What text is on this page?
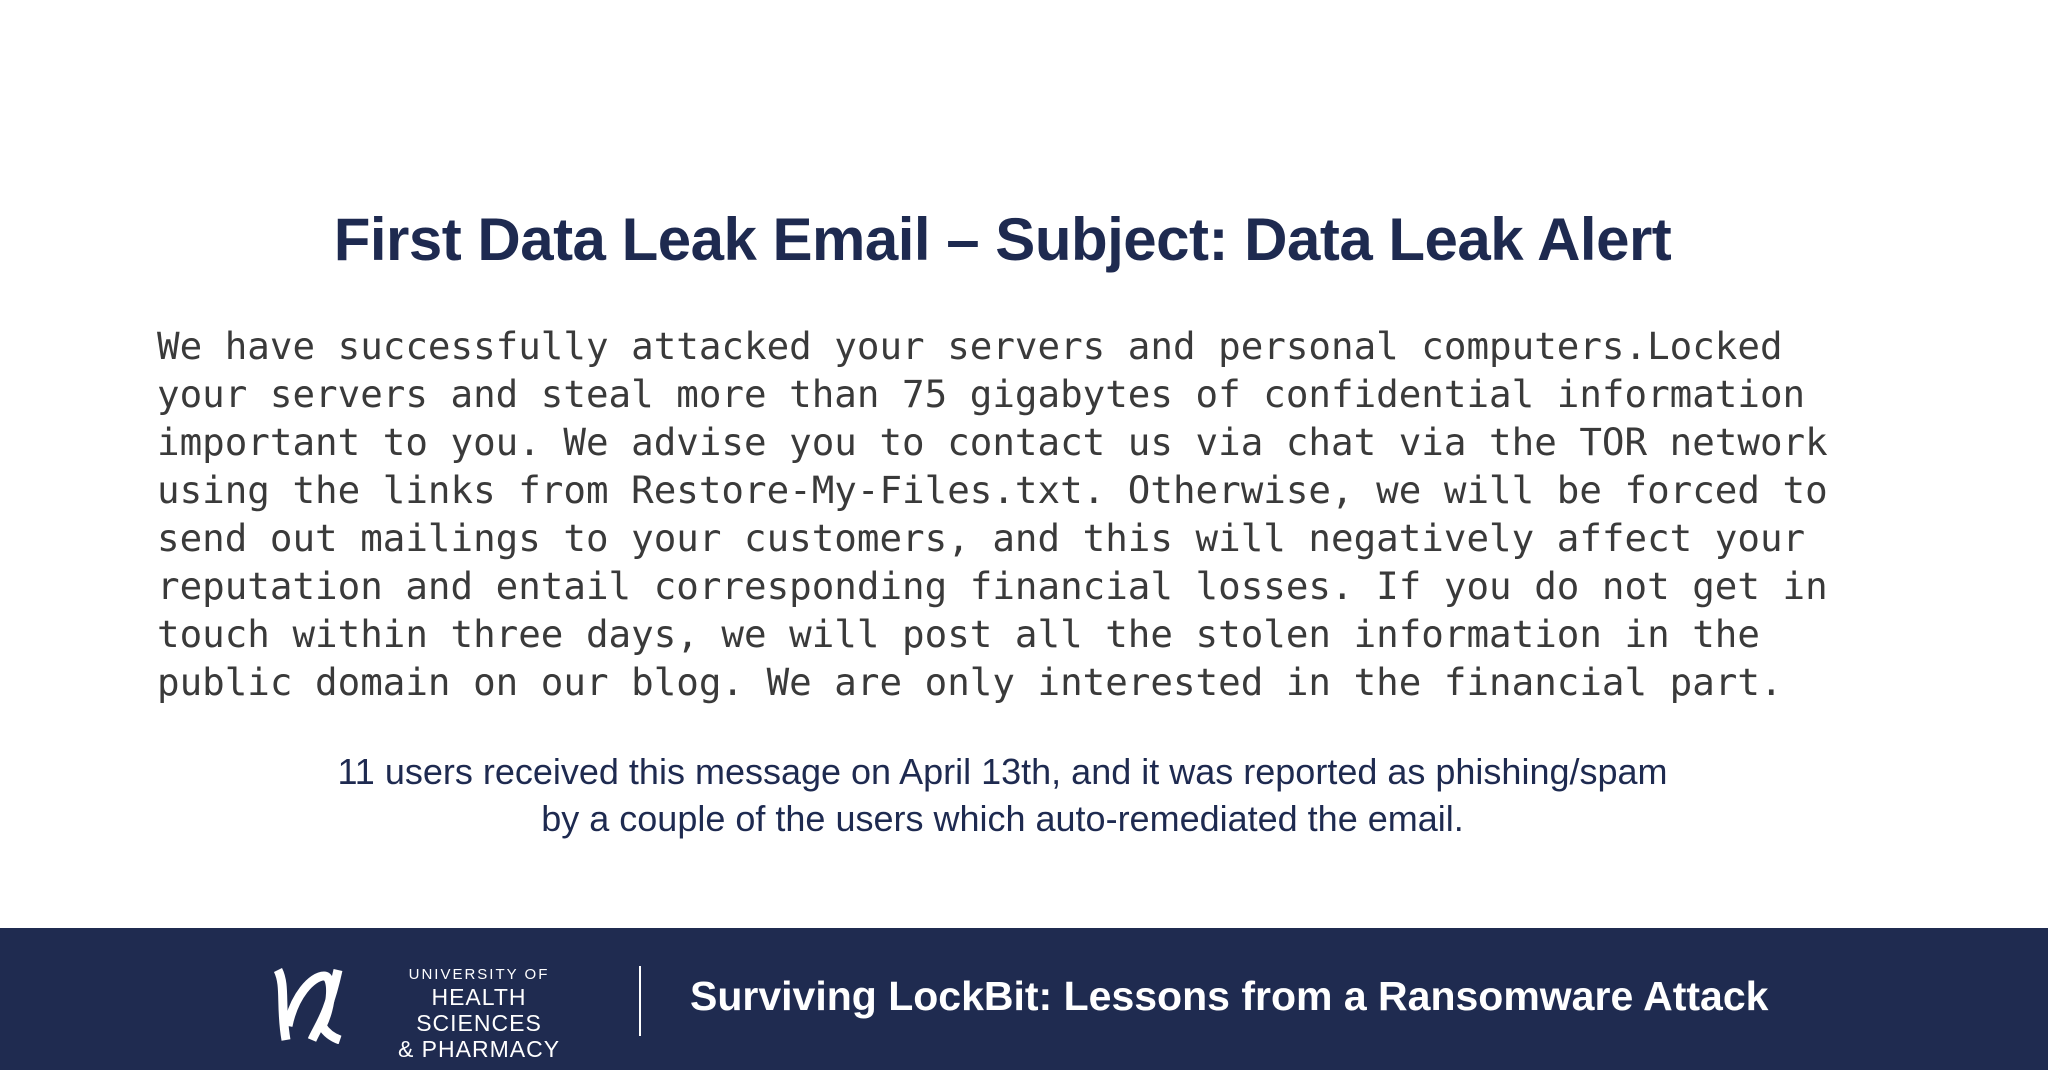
First Data Leak Email – Subject: Data Leak Alert
We have successfully attacked your servers and personal computers.Locked
your servers and steal more than 75 gigabytes of confidential information
important to you. We advise you to contact us via chat via the TOR network
using the links from Restore-My-Files.txt. Otherwise, we will be forced to
send out mailings to your customers, and this will negatively affect your
reputation and entail corresponding financial losses. If you do not get in
touch within three days, we will post all the stolen information in the
public domain on our blog. We are only interested in the financial part.
11 users received this message on April 13th, and it was reported as phishing/spam
by a couple of the users which auto-remediated the email.
UNIVERSITY OF
HEALTH SCIENCES
& PHARMACY
Surviving LockBit: Lessons from a Ransomware Attack
